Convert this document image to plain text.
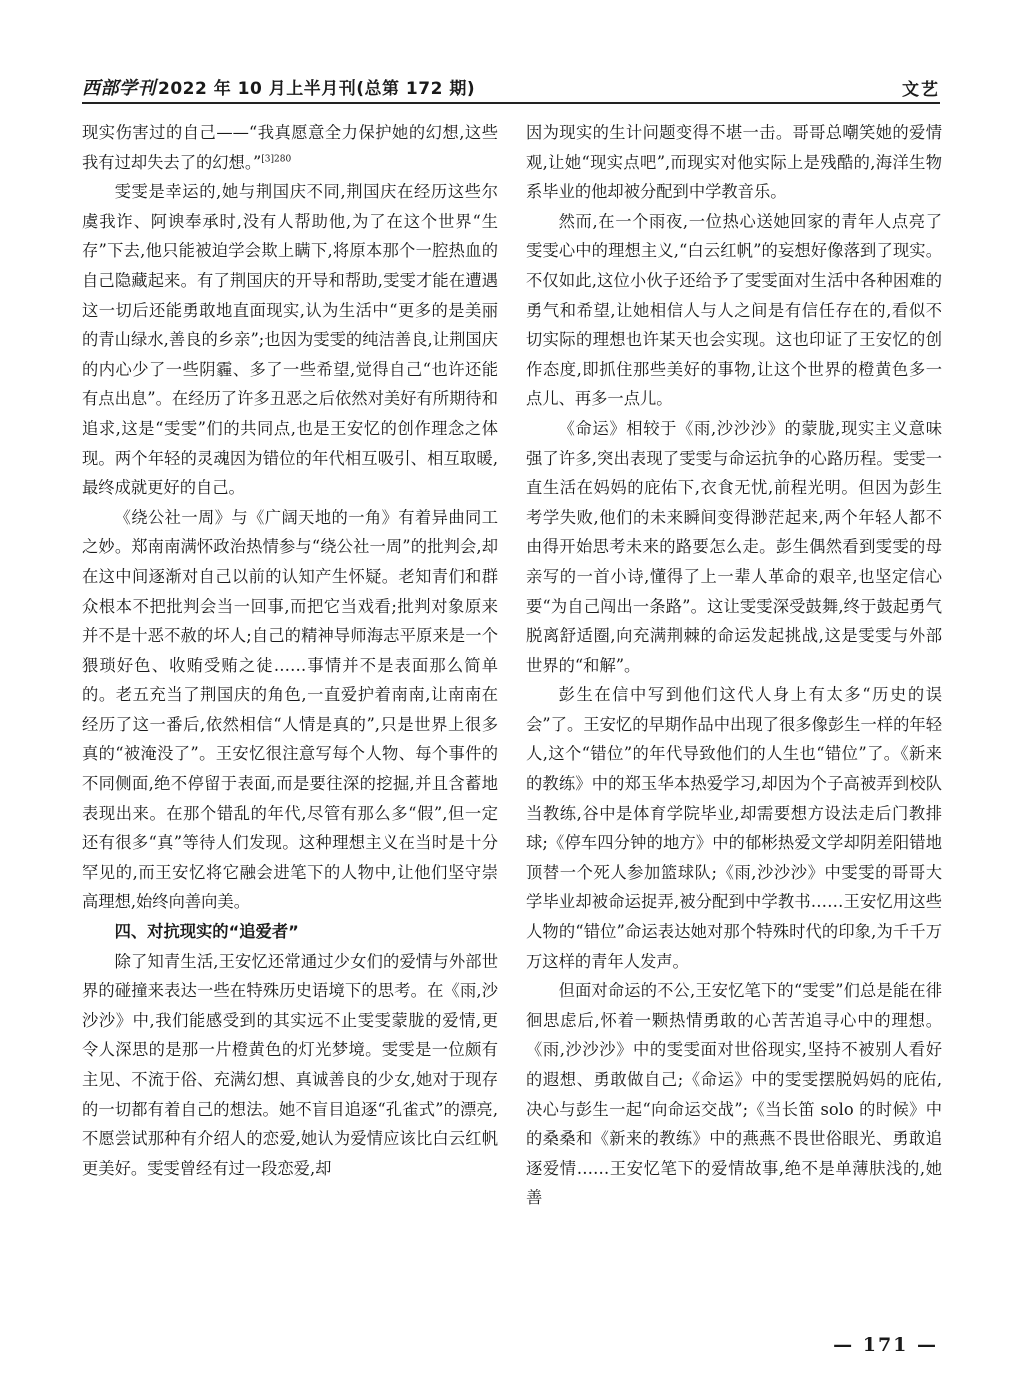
西部学刊 2022 年 10 月上半月刊(总第 172 期)	文艺

现实伤害过的自己——“我真愿意全力保护她的幻想,这些我有过却失去了的幻想。”$^{[3]280}$

雯雯是幸运的,她与荆国庆不同,荆国庆在经历这些尔虞我诈、阿谀奉承时,没有人帮助他,为了在这个世界“生存”下去,他只能被迫学会欺上瞒下,将原本那个一腔热血的自己隐藏起来。有了荆国庆的开导和帮助,雯雯才能在遭遇这一切后还能勇敢地直面现实,认为生活中“更多的是美丽的青山绿水,善良的乡亲”;也因为雯雯的纯洁善良,让荆国庆的内心少了一些阴霾、多了一些希望,觉得自己“也许还能有点出息”。在经历了许多丑恶之后依然对美好有所期待和追求,这是“雯雯”们的共同点,也是王安忆的创作理念之体现。两个年轻的灵魂因为错位的年代相互吸引、相互取暖,最终成就更好的自己。

《绕公社一周》与《广阔天地的一角》有着异曲同工之妙。郑南南满怀政治热情参与“绕公社一周”的批判会,却在这中间逐渐对自己以前的认知产生怀疑。老知青们和群众根本不把批判会当一回事,而把它当戏看;批判对象原来并不是十恶不赦的坏人;自己的精神导师海志平原来是一个猥琐好色、收贿受贿之徒……事情并不是表面那么简单的。老五充当了荆国庆的角色,一直爱护着南南,让南南在经历了这一番后,依然相信“人情是真的”,只是世界上很多真的“被淹没了”。王安忆很注意写每个人物、每个事件的不同侧面,绝不停留于表面,而是要往深的挖掘,并且含蓄地表现出来。在那个错乱的年代,尽管有那么多“假”,但一定还有很多“真”等待人们发现。这种理想主义在当时是十分罕见的,而王安忆将它融会进笔下的人物中,让他们坚守崇高理想,始终向善向美。

四、对抗现实的“追爱者”

除了知青生活,王安忆还常通过少女们的爱情与外部世界的碰撞来表达一些在特殊历史语境下的思考。在《雨,沙沙沙》中,我们能感受到的其实远不止雯雯蒙胧的爱情,更令人深思的是那一片橙黄色的灯光梦境。雯雯是一位颇有主见、不流于俗、充满幻想、真诚善良的少女,她对于现存的一切都有着自己的想法。她不盲目追逐“孔雀式”的漂亮,不愿尝试那种有介绍人的恋爱,她认为爱情应该比白云红帆更美好。雯雯曾经有过一段恋爱,却

因为现实的生计问题变得不堪一击。哥哥总嘲笑她的爱情观,让她“现实点吧”,而现实对他实际上是残酷的,海洋生物系毕业的他却被分配到中学教音乐。

然而,在一个雨夜,一位热心送她回家的青年人点亮了雯雯心中的理想主义,“白云红帆”的妄想好像落到了现实。不仅如此,这位小伙子还给予了雯雯面对生活中各种困难的勇气和希望,让她相信人与人之间是有信任存在的,看似不切实际的理想也许某天也会实现。这也印证了王安忆的创作态度,即抓住那些美好的事物,让这个世界的橙黄色多一点儿、再多一点儿。

《命运》相较于《雨,沙沙沙》的蒙胧,现实主义意味强了许多,突出表现了雯雯与命运抗争的心路历程。雯雯一直生活在妈妈的庇佑下,衣食无忧,前程光明。但因为彭生考学失败,他们的未来瞬间变得渺茫起来,两个年轻人都不由得开始思考未来的路要怎么走。彭生偶然看到雯雯的母亲写的一首小诗,懂得了上一辈人革命的艰辛,也坚定信心要“为自己闯出一条路”。这让雯雯深受鼓舞,终于鼓起勇气脱离舒适圈,向充满荆棘的命运发起挑战,这是雯雯与外部世界的“和解”。

彭生在信中写到他们这代人身上有太多“历史的误会”了。王安忆的早期作品中出现了很多像彭生一样的年轻人,这个“错位”的年代导致他们的人生也“错位”了。《新来的教练》中的郑玉华本热爱学习,却因为个子高被弄到校队当教练,谷中是体育学院毕业,却需要想方设法走后门教排球;《停车四分钟的地方》中的郁彬热爱文学却阴差阳错地顶替一个死人参加篮球队;《雨,沙沙沙》中雯雯的哥哥大学毕业却被命运捉弄,被分配到中学教书……王安忆用这些人物的“错位”命运表达她对那个特殊时代的印象,为千千万万这样的青年人发声。

但面对命运的不公,王安忆笔下的“雯雯”们总是能在徘徊思虑后,怀着一颗热情勇敢的心苦苦追寻心中的理想。《雨,沙沙沙》中的雯雯面对世俗现实,坚持不被别人看好的遐想、勇敢做自己;《命运》中的雯雯摆脱妈妈的庇佑,决心与彭生一起“向命运交战”;《当长笛 solo 的时候》中的桑桑和《新来的教练》中的燕燕不畏世俗眼光、勇敢追逐爱情……王安忆笔下的爱情故事,绝不是单薄肤浅的,她善

— 171 —
